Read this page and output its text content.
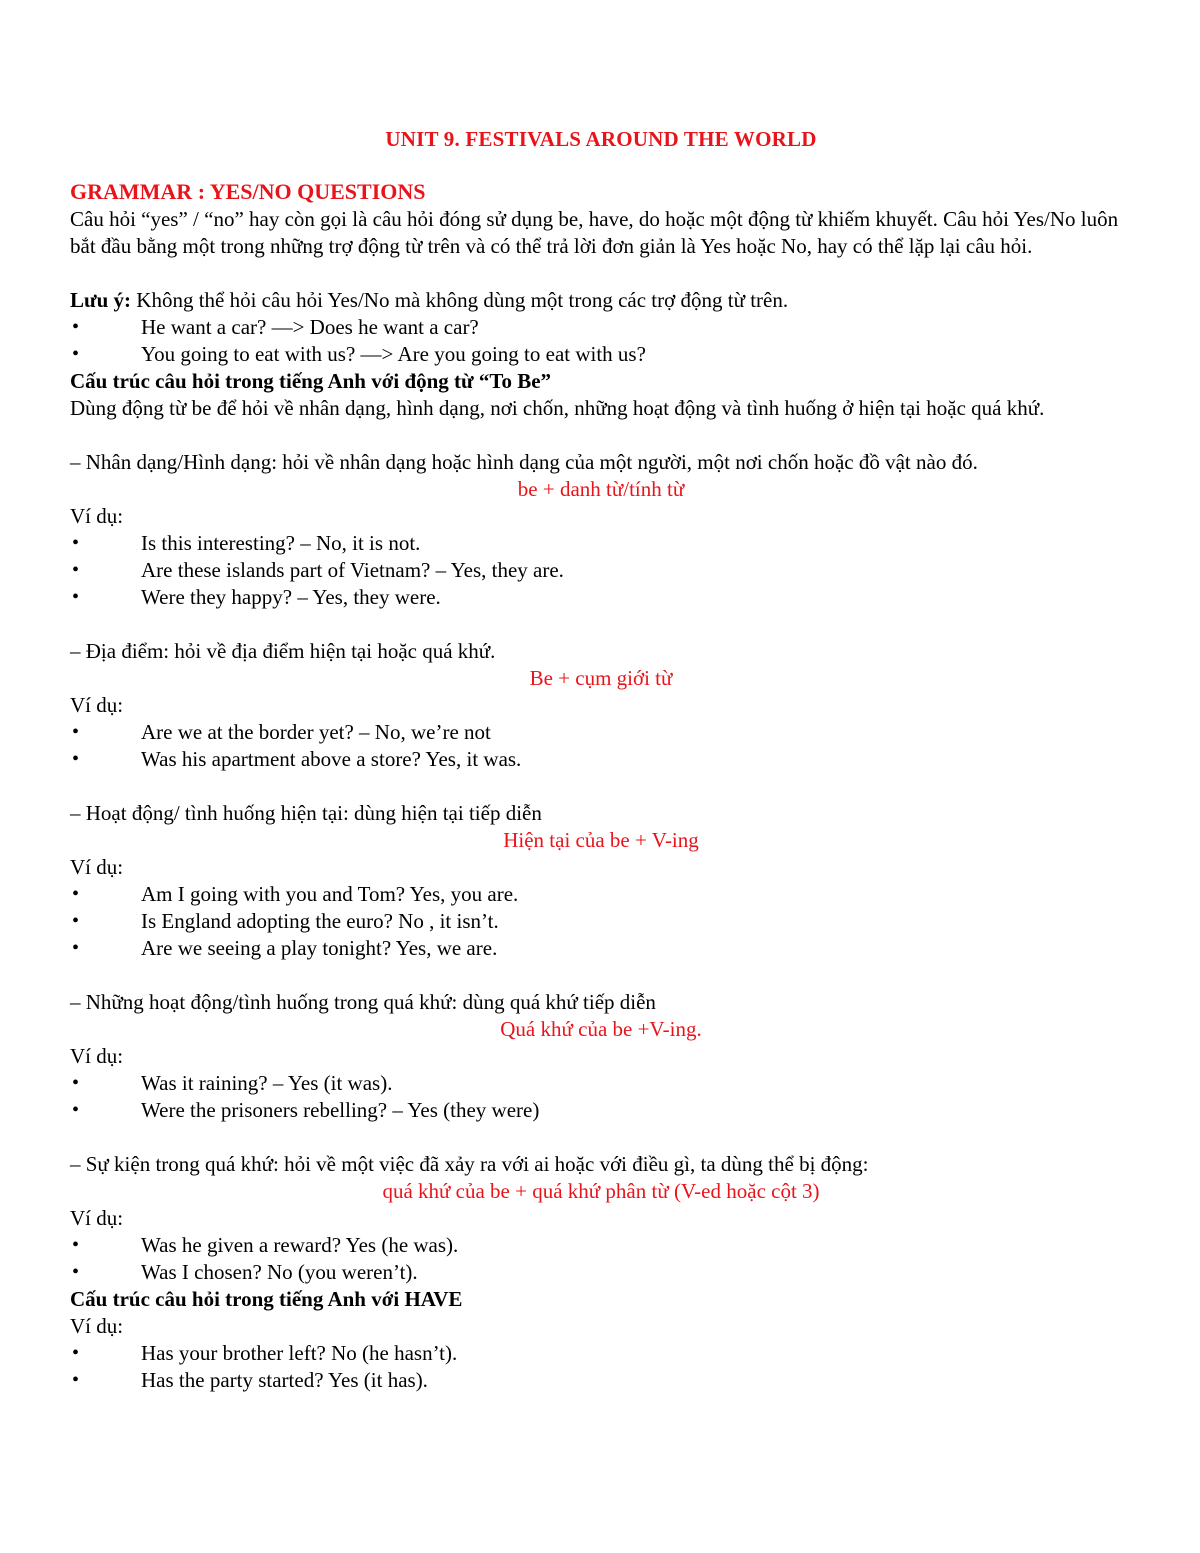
UNIT 9. FESTIVALS AROUND THE WORLD

GRAMMAR : YES/NO QUESTIONS

Câu hỏi “yes” / “no” hay còn gọi là câu hỏi đóng sử dụng be, have, do hoặc một động từ khiếm khuyết. Câu hỏi Yes/No luôn bắt đầu bằng một trong những trợ động từ trên và có thể trả lời đơn giản là Yes hoặc No, hay có thể lặp lại câu hỏi.

Lưu ý: Không thể hỏi câu hỏi Yes/No mà không dùng một trong các trợ động từ trên.

•	He want a car? —> Does he want a car?
•	You going to eat with us? —> Are you going to eat with us?

Cấu trúc câu hỏi trong tiếng Anh với động từ “To Be”

Dùng động từ be để hỏi về nhân dạng, hình dạng, nơi chốn, những hoạt động và tình huống ở hiện tại hoặc quá khứ.

– Nhân dạng/Hình dạng: hỏi về nhân dạng hoặc hình dạng của một người, một nơi chốn hoặc đồ vật nào đó.

be + danh từ/tính từ

Ví dụ:

•	Is this interesting? – No, it is not.
•	Are these islands part of Vietnam? – Yes, they are.
•	Were they happy? – Yes, they were.

– Địa điểm: hỏi về địa điểm hiện tại hoặc quá khứ.

Be + cụm giới từ

Ví dụ:

•	Are we at the border yet? – No, we’re not
•	Was his apartment above a store? Yes, it was.

– Hoạt động/ tình huống hiện tại: dùng hiện tại tiếp diễn

Hiện tại của be + V-ing

Ví dụ:

•	Am I going with you and Tom? Yes, you are.
•	Is England adopting the euro? No , it isn’t.
•	Are we seeing a play tonight? Yes, we are.

– Những hoạt động/tình huống trong quá khứ: dùng quá khứ tiếp diễn

Quá khứ của be +V-ing.

Ví dụ:

•	Was it raining? – Yes (it was).
•	Were the prisoners rebelling? – Yes (they were)

– Sự kiện trong quá khứ: hỏi về một việc đã xảy ra với ai hoặc với điều gì, ta dùng thể bị động:

quá khứ của be + quá khứ phân từ (V-ed hoặc cột 3)

Ví dụ:

•	Was he given a reward? Yes (he was).
•	Was I chosen? No (you weren’t).

Cấu trúc câu hỏi trong tiếng Anh với HAVE

Ví dụ:

•	Has your brother left? No (he hasn’t).
•	Has the party started? Yes (it has).
